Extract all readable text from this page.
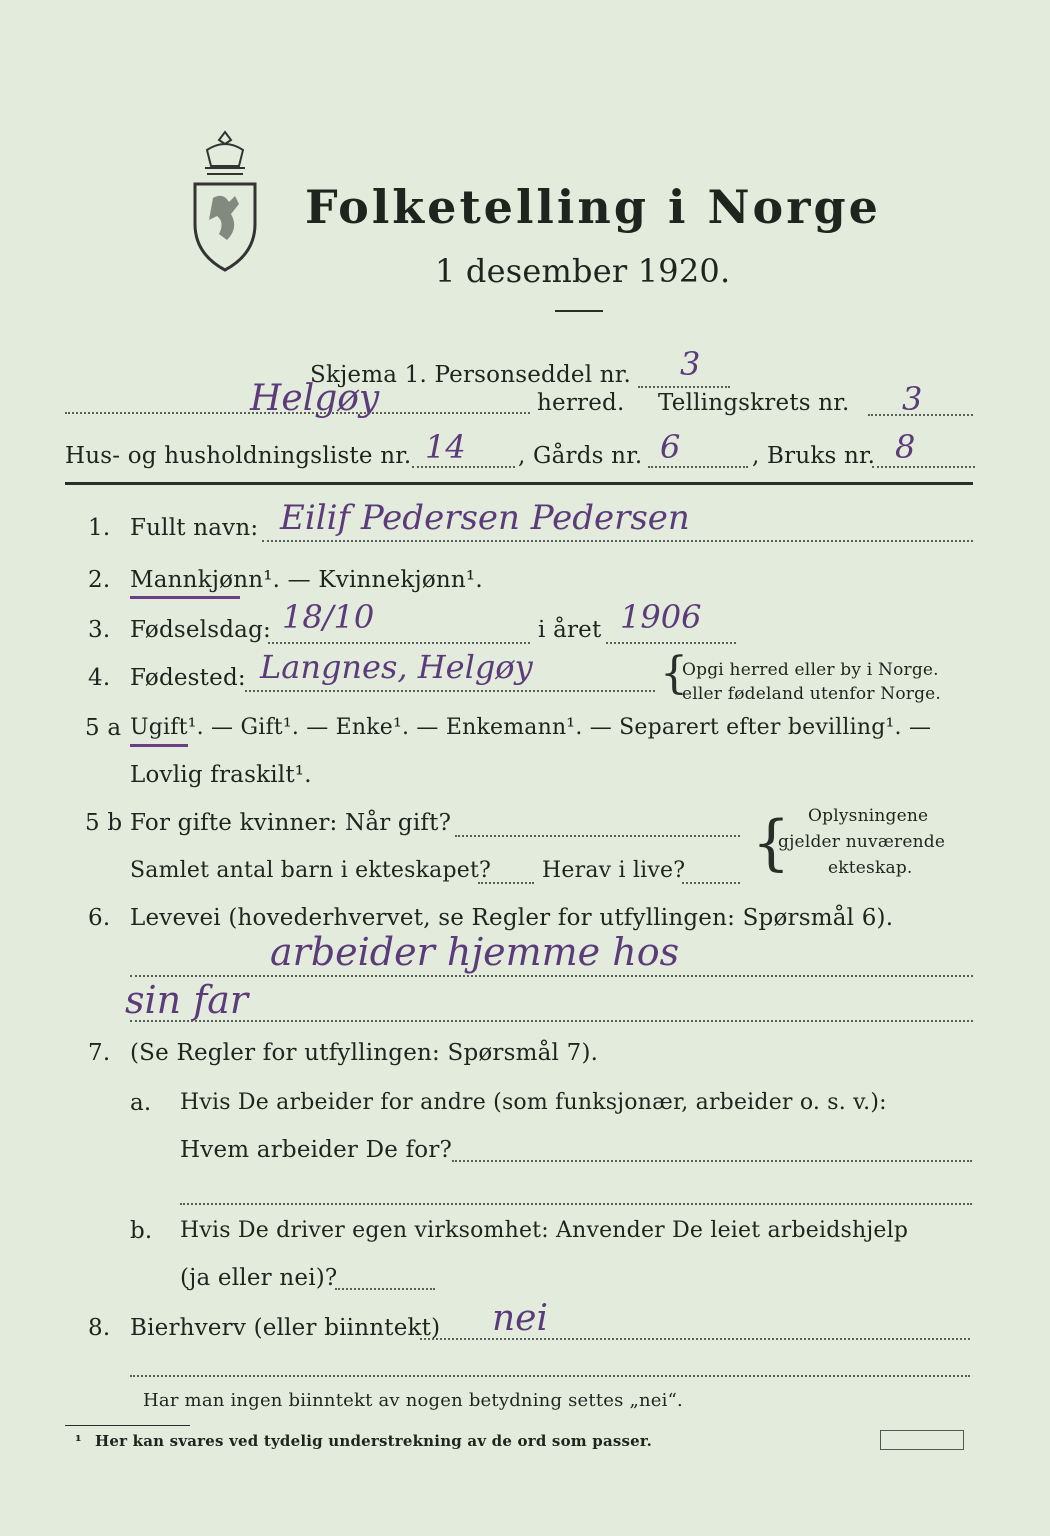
Folketelling i Norge
1 desember 1920.
Skjema 1. Personseddel nr. 3
Helgøy	herred. Tellingskrets nr. 3
Hus- og husholdningsliste nr. 14 , Gårds nr. 6	, Bruks nr. 8
1. Fullt navn: Eilif Pedersen Pedersen
2. Mannkjønn¹. — Kvinnekjønn¹.
3. Fødselsdag: 18/10	i året 1906
4. Fødested: Langnes, Helgøy	{
Opgi herred eller by i Norge.
eller fødeland utenfor Norge.
5 a Ugift¹. — Gift¹. — Enke¹. — Enkemann¹. — Separert efter bevilling¹. —
Lovlig fraskilt¹.
5 b For gifte kvinner: Når gift?
Samlet antal barn i ekteskapet? Herav i live? { Oplysningene
gjelder nuværende
ekteskap.
6. Levevei (hovederhvervet, se Regler for utfyllingen: Spørsmål 6).
arbeider hjemme hos
sin far
7. (Se Regler for utfyllingen: Spørsmål 7).
a. Hvis De arbeider for andre (som funksjonær, arbeider o. s. v.):
Hvem arbeider De for?
b. Hvis De driver egen virksomhet: Anvender De leiet arbeidshjelp
(ja eller nei)?
8. Bierhverv (eller biinntekt) nei
Har man ingen biinntekt av nogen betydning settes „nei“.
¹ Her kan svares ved tydelig understrekning av de ord som passer.
